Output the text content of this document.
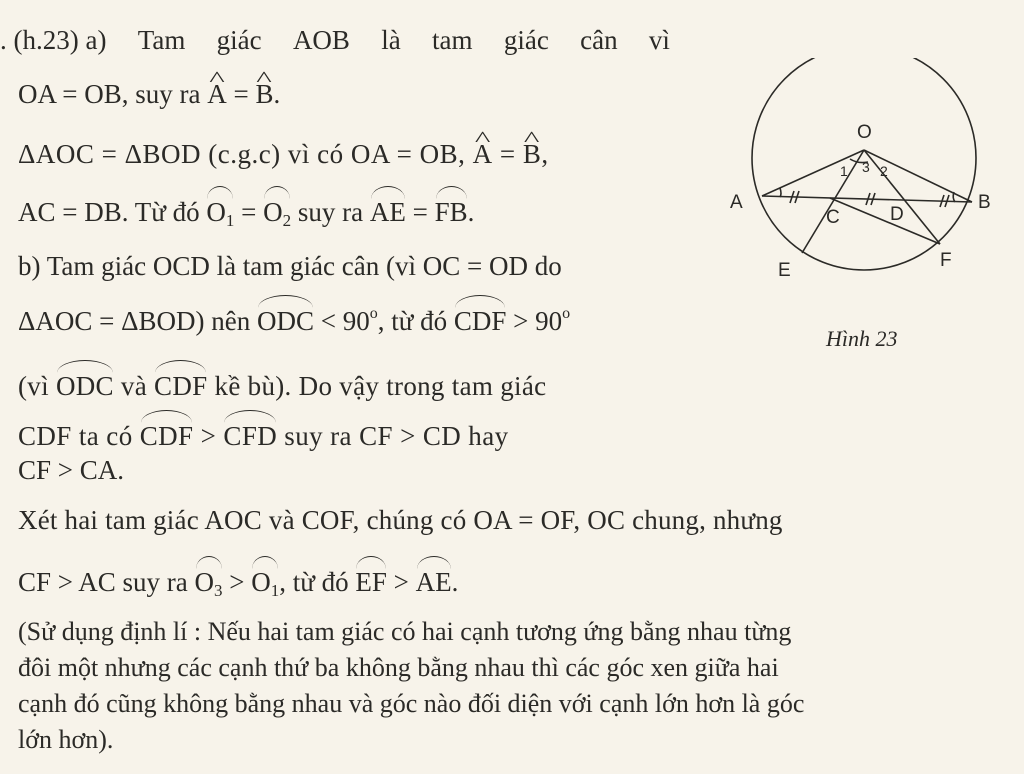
. (h.23) a) Tam giác AOB là tam giác cân vì
OA = OB, suy ra ^ A = ^ B.
ΔAOC = ΔBOD (c.g.c) vì có OA = OB, ^ A = ^ B,
AC = DB. Từ đó $O_1 = O_2$ suy ra AE = FB.
b) Tam giác OCD là tam giác cân (vì OC = OD do
ΔAOC = ΔBOD) nên ODC < $90^o$, từ đó CDF > $90^o$
(vì ODC và CDF kề bù). Do vậy trong tam giác
CDF ta có CDF > CFD suy ra CF > CD hay
CF > CA.
Xét hai tam giác AOC và COF, chúng có OA = OF, OC chung, nhưng
CF > AC suy ra $O_3 > O_1$, từ đó EF > AE.
(Sử dụng định lí : Nếu hai tam giác có hai cạnh tương ứng bằng nhau từng
đôi một nhưng các cạnh thứ ba không bằng nhau thì các góc xen giữa hai
cạnh đó cũng không bằng nhau và góc nào đối diện với cạnh lớn hơn là góc
lớn hơn).
O
A	B
C	D
E	F
1 3 2
Hình 23
